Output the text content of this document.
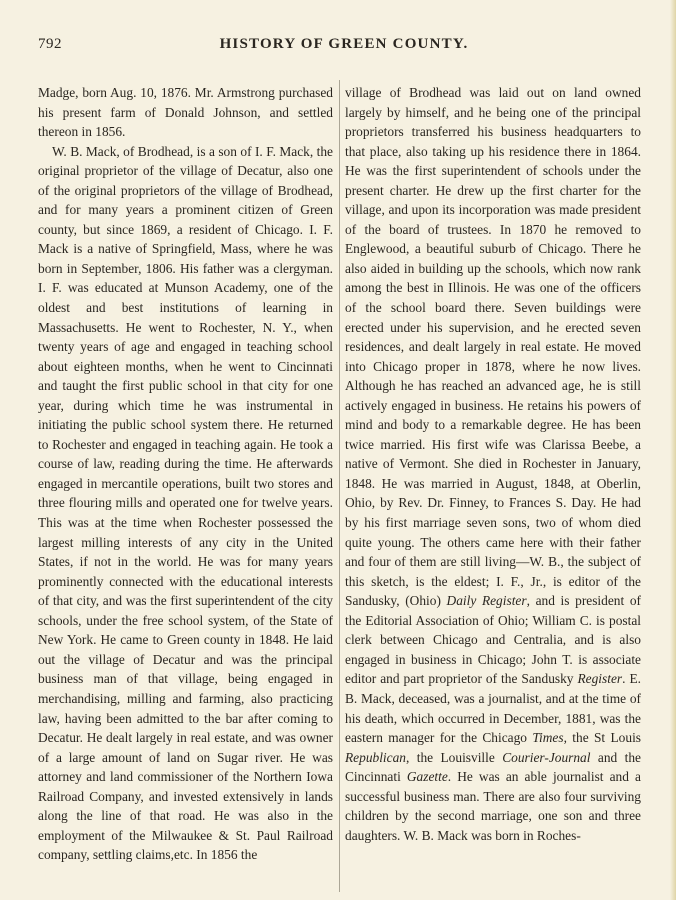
792	HISTORY OF GREEN COUNTY.

Madge, born Aug. 10, 1876. Mr. Armstrong purchased his present farm of Donald Johnson, and settled thereon in 1856.

W. B. Mack, of Brodhead, is a son of I. F. Mack, the original proprietor of the village of Decatur, also one of the original proprietors of the village of Brodhead, and for many years a prominent citizen of Green county, but since 1869, a resident of Chicago. I. F. Mack is a native of Springfield, Mass, where he was born in September, 1806. His father was a clergyman. I. F. was educated at Munson Academy, one of the oldest and best institutions of learning in Massachusetts. He went to Rochester, N. Y., when twenty years of age and engaged in teaching school about eighteen months, when he went to Cincinnati and taught the first public school in that city for one year, during which time he was instrumental in initiating the public school system there. He returned to Rochester and engaged in teaching again. He took a course of law, reading during the time. He afterwards engaged in mercantile operations, built two stores and three flouring mills and operated one for twelve years. This was at the time when Rochester possessed the largest milling interests of any city in the United States, if not in the world. He was for many years prominently connected with the educational interests of that city, and was the first superintendent of the city schools, under the free school system, of the State of New York. He came to Green county in 1848. He laid out the village of Decatur and was the principal business man of that village, being engaged in merchandising, milling and farming, also practicing law, having been admitted to the bar after coming to Decatur. He dealt largely in real estate, and was owner of a large amount of land on Sugar river. He was attorney and land commissioner of the Northern Iowa Railroad Company, and invested extensively in lands along the line of that road. He was also in the employment of the Milwaukee & St. Paul Railroad company, settling claims,etc. In 1856 the

village of Brodhead was laid out on land owned largely by himself, and he being one of the principal proprietors transferred his business headquarters to that place, also taking up his residence there in 1864. He was the first superintendent of schools under the present charter. He drew up the first charter for the village, and upon its incorporation was made president of the board of trustees. In 1870 he removed to Englewood, a beautiful suburb of Chicago. There he also aided in building up the schools, which now rank among the best in Illinois. He was one of the officers of the school board there. Seven buildings were erected under his supervision, and he erected seven residences, and dealt largely in real estate. He moved into Chicago proper in 1878, where he now lives. Although he has reached an advanced age, he is still actively engaged in business. He retains his powers of mind and body to a remarkable degree. He has been twice married. His first wife was Clarissa Beebe, a native of Vermont. She died in Rochester in January, 1848. He was married in August, 1848, at Oberlin, Ohio, by Rev. Dr. Finney, to Frances S. Day. He had by his first marriage seven sons, two of whom died quite young. The others came here with their father and four of them are still living—W. B., the subject of this sketch, is the eldest; I. F., Jr., is editor of the Sandusky, (Ohio) Daily Register, and is president of the Editorial Association of Ohio; William C. is postal clerk between Chicago and Centralia, and is also engaged in business in Chicago; John T. is associate editor and part proprietor of the Sandusky Register. E. B. Mack, deceased, was a journalist, and at the time of his death, which occurred in December, 1881, was the eastern manager for the Chicago Times, the St Louis Republican, the Louisville Courier-Journal and the Cincinnati Gazette. He was an able journalist and a successful business man. There are also four surviving children by the second marriage, one son and three daughters. W. B. Mack was born in Roches-
